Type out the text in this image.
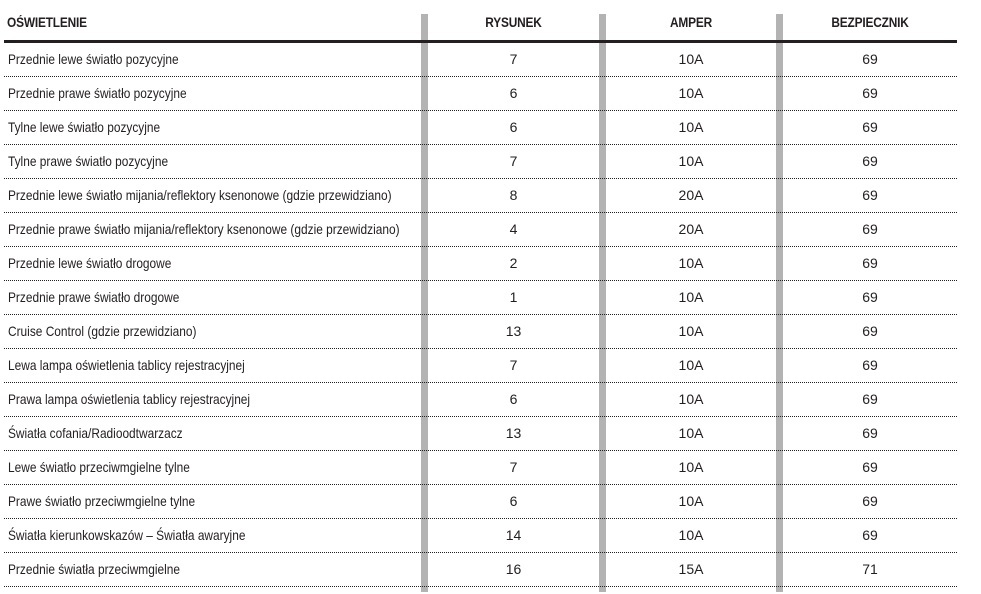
OŚWIETLENIE	RYSUNEK	AMPER	BEZPIECZNIK
Przednie lewe światło pozycyjne	7	10A	69
Przednie prawe światło pozycyjne	6	10A	69
Tylne lewe światło pozycyjne	6	10A	69
Tylne prawe światło pozycyjne	7	10A	69
Przednie lewe światło mijania/reflektory ksenonowe (gdzie przewidziano)	8	20A	69
Przednie prawe światło mijania/reflektory ksenonowe (gdzie przewidziano)	4	20A	69
Przednie lewe światło drogowe	2	10A	69
Przednie prawe światło drogowe	1	10A	69
Cruise Control (gdzie przewidziano)	13	10A	69
Lewa lampa oświetlenia tablicy rejestracyjnej	7	10A	69
Prawa lampa oświetlenia tablicy rejestracyjnej	6	10A	69
Światła cofania/Radioodtwarzacz	13	10A	69
Lewe światło przeciwmgielne tylne	7	10A	69
Prawe światło przeciwmgielne tylne	6	10A	69
Światła kierunkowskazów – Światła awaryjne	14	10A	69
Przednie światła przeciwmgielne	16	15A	71
